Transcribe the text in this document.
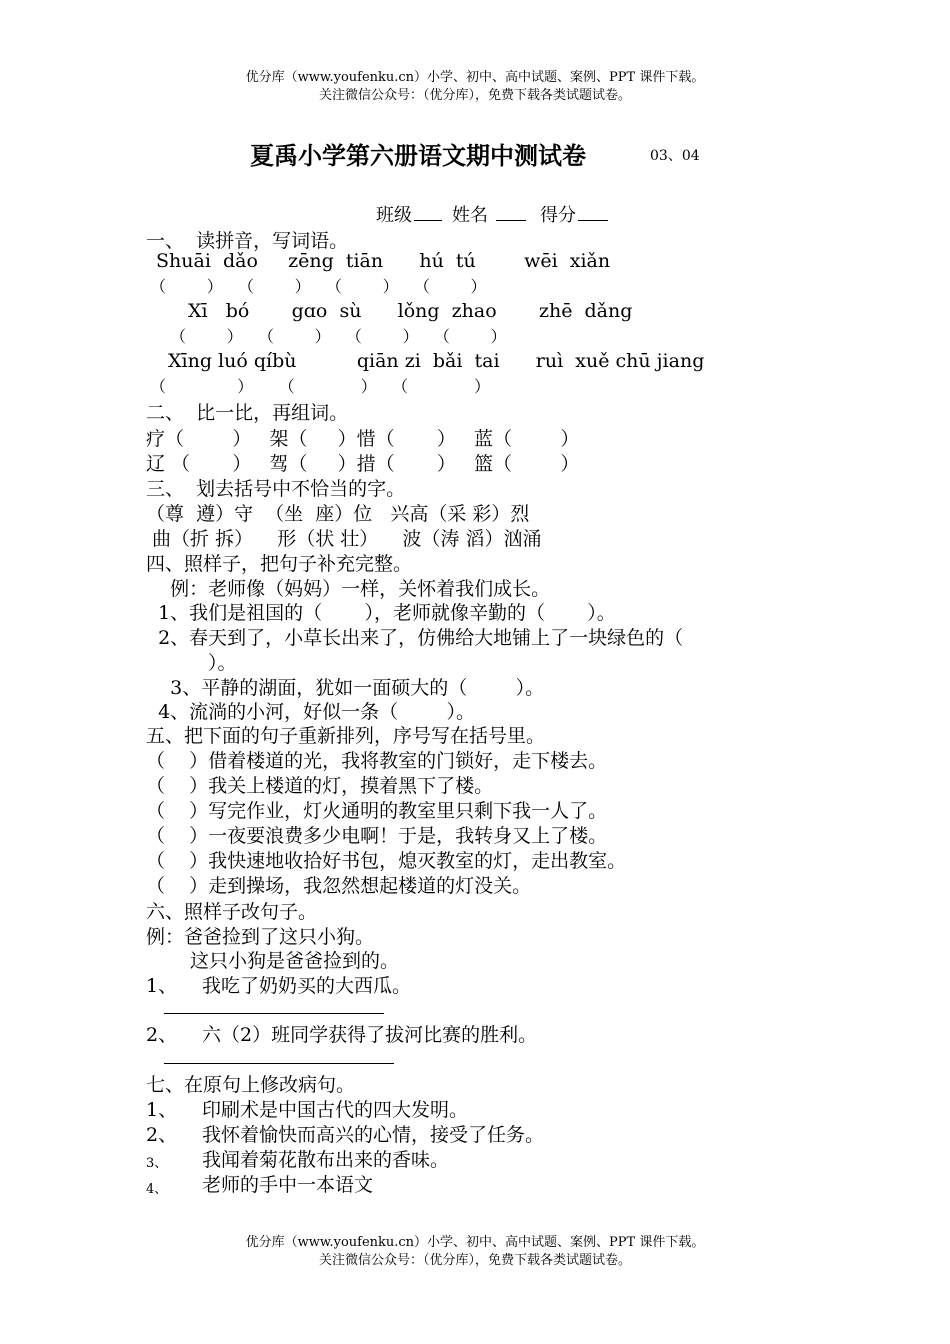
优分库（www.youfenku.cn）小学、初中、高中试题、案例、PPT 课件下载。
关注微信公众号：（优分库），免费下载各类试题试卷。
夏禹小学第六册语文期中测试卷	03、04
班级 姓名	得分
一、  读拼音，写词语。
Shuāi  dǎo     zēng  tiān      hú  tú        wēi  xiǎn
（        ）   （        ）   （        ）   （        ）
Xī   bó       gɑo  sù      lǒng  zhao       zhē  dǎng
（        ）   （        ）   （        ）   （        ）
Xīng luó qíbù          qiān zi  bǎi  tai      ruì  xuě chū jiang
（              ）     （             ）   （             ）
二、  比一比，再组词。
疗（        ）   架（     ）惜（       ）   蓝（        ）
辽 （       ）   驾（     ）措（       ）   篮（        ）
三、  划去括号中不恰当的字。
（尊  遵）守  （坐  座）位   兴高（采 彩）烈
曲（折 拆）    形（状 壮）    波（涛 滔）汹涌
四、照样子，把句子补充完整。
例：老师像（妈妈）一样，关怀着我们成长。
1、我们是祖国的（       ），老师就像辛勤的（       ）。
2、春天到了，小草长出来了，仿佛给大地铺上了一块绿色的（
）。
3、平静的湖面，犹如一面硕大的（        ）。
4、流淌的小河，好似一条（        ）。
五、把下面的句子重新排列，序号写在括号里。
（    ）借着楼道的光，我将教室的门锁好，走下楼去。
（    ）我关上楼道的灯，摸着黑下了楼。
（    ）写完作业，灯火通明的教室里只剩下我一人了。
（    ）一夜要浪费多少电啊！于是，我转身又上了楼。
（    ）我快速地收拾好书包，熄灭教室的灯，走出教室。
（    ）走到操场，我忽然想起楼道的灯没关。
六、照样子改句子。
例：爸爸捡到了这只小狗。
这只小狗是爸爸捡到的。
1、 我吃了奶奶买的大西瓜。
2、 六（2）班同学获得了拔河比赛的胜利。
七、在原句上修改病句。
1、 印刷术是中国古代的四大发明。
2、 我怀着愉快而高兴的心情，接受了任务。
3、 我闻着菊花散布出来的香味。
4、 老师的手中一本语文
优分库（www.youfenku.cn）小学、初中、高中试题、案例、PPT 课件下载。
关注微信公众号：（优分库），免费下载各类试题试卷。
